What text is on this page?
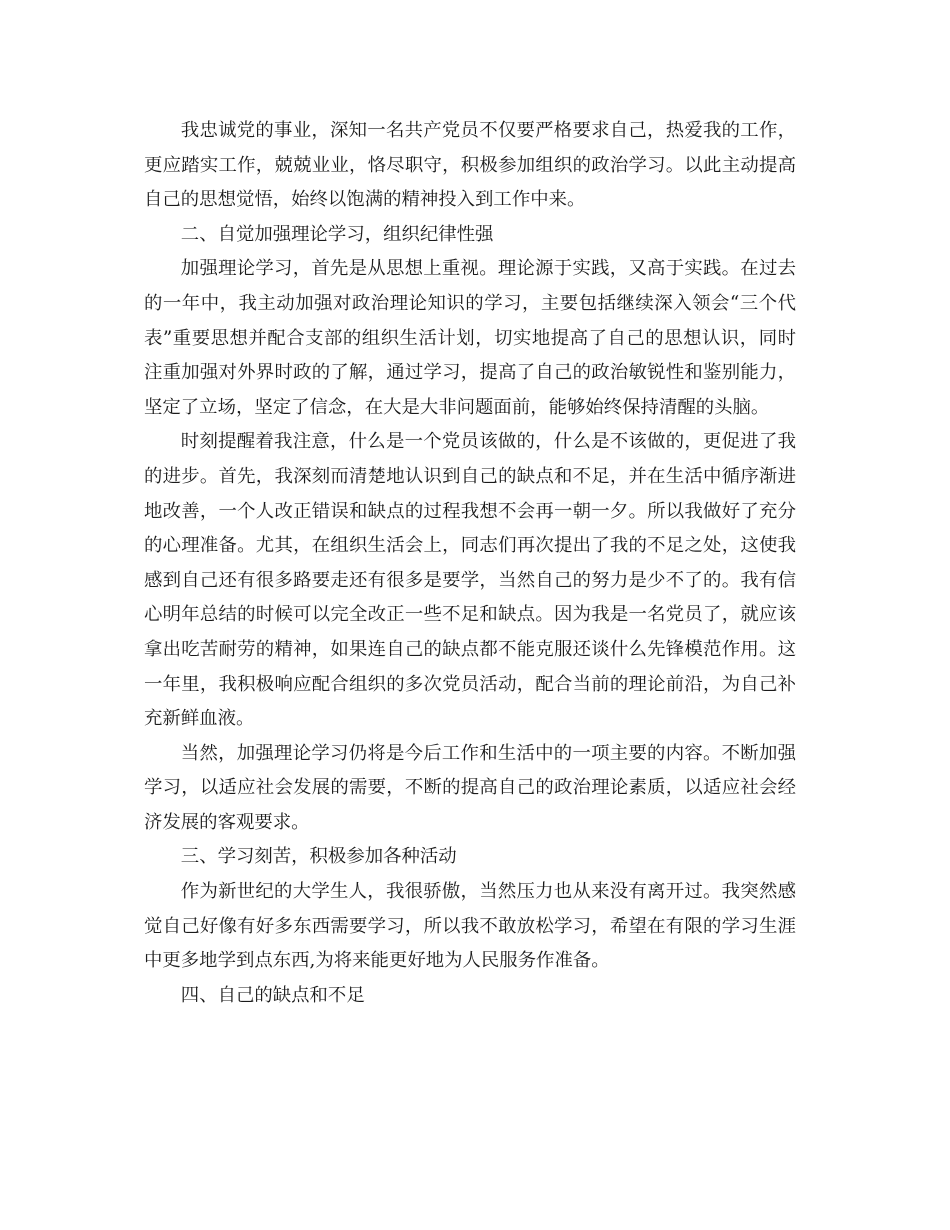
我忠诚党的事业，深知一名共产党员不仅要严格要求自己，热爱我的工作，更应踏实工作，兢兢业业，恪尽职守，积极参加组织的政治学习。以此主动提高自己的思想觉悟，始终以饱满的精神投入到工作中来。

二、自觉加强理论学习，组织纪律性强

加强理论学习，首先是从思想上重视。理论源于实践，又高于实践。在过去的一年中，我主动加强对政治理论知识的学习，主要包括继续深入领会“三个代表”重要思想并配合支部的组织生活计划，切实地提高了自己的思想认识，同时注重加强对外界时政的了解，通过学习，提高了自己的政治敏锐性和鉴别能力，坚定了立场，坚定了信念，在大是大非问题面前，能够始终保持清醒的头脑。

时刻提醒着我注意，什么是一个党员该做的，什么是不该做的，更促进了我的进步。首先，我深刻而清楚地认识到自己的缺点和不足，并在生活中循序渐进地改善，一个人改正错误和缺点的过程我想不会再一朝一夕。所以我做好了充分的心理准备。尤其，在组织生活会上，同志们再次提出了我的不足之处，这使我感到自己还有很多路要走还有很多是要学，当然自己的努力是少不了的。我有信心明年总结的时候可以完全改正一些不足和缺点。因为我是一名党员了，就应该拿出吃苦耐劳的精神，如果连自己的缺点都不能克服还谈什么先锋模范作用。这一年里，我积极响应配合组织的多次党员活动，配合当前的理论前沿，为自己补充新鲜血液。

当然，加强理论学习仍将是今后工作和生活中的一项主要的内容。不断加强学习，以适应社会发展的需要，不断的提高自己的政治理论素质，以适应社会经济发展的客观要求。

三、学习刻苦，积极参加各种活动

作为新世纪的大学生人，我很骄傲，当然压力也从来没有离开过。我突然感觉自己好像有好多东西需要学习，所以我不敢放松学习，希望在有限的学习生涯中更多地学到点东西,为将来能更好地为人民服务作准备。

四、自己的缺点和不足
